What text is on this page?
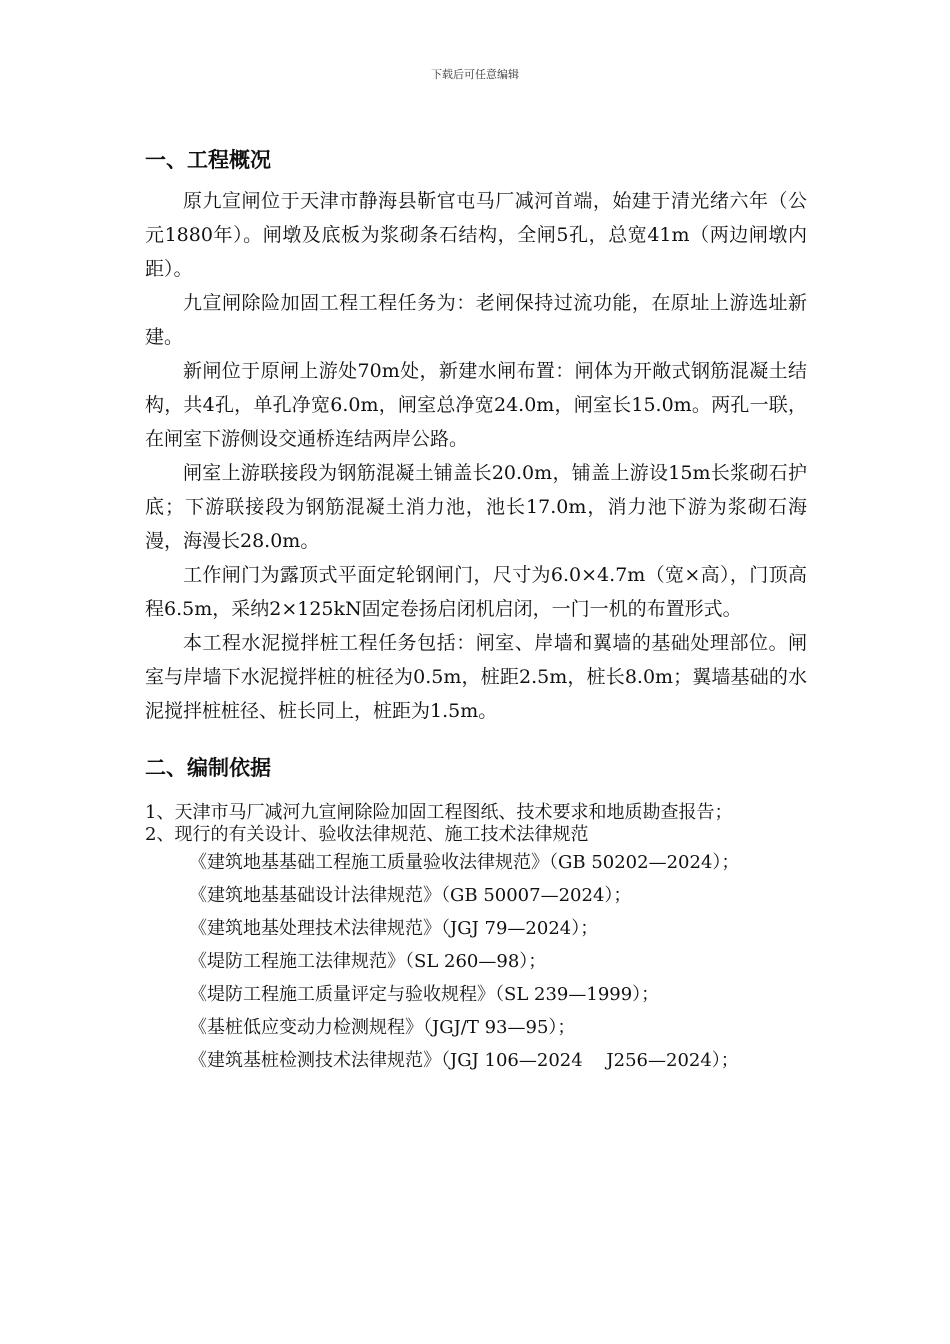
下载后可任意编辑
一、工程概况

原九宣闸位于天津市静海县靳官屯马厂减河首端，始建于清光绪六年（公元1880年）。闸墩及底板为浆砌条石结构，全闸5孔，总宽41m（两边闸墩内距）。

九宣闸除险加固工程工程任务为：老闸保持过流功能，在原址上游选址新建。

新闸位于原闸上游处70m处，新建水闸布置：闸体为开敞式钢筋混凝土结构，共4孔，单孔净宽6.0m，闸室总净宽24.0m，闸室长15.0m。两孔一联，在闸室下游侧设交通桥连结两岸公路。

闸室上游联接段为钢筋混凝土铺盖长20.0m，铺盖上游设15m长浆砌石护底；下游联接段为钢筋混凝土消力池，池长17.0m，消力池下游为浆砌石海漫，海漫长28.0m。

工作闸门为露顶式平面定轮钢闸门，尺寸为6.0×4.7m（宽×高），门顶高程6.5m，采纳2×125kN固定卷扬启闭机启闭，一门一机的布置形式。

本工程水泥搅拌桩工程任务包括：闸室、岸墙和翼墙的基础处理部位。闸室与岸墙下水泥搅拌桩的桩径为0.5m，桩距2.5m，桩长8.0m；翼墙基础的水泥搅拌桩桩径、桩长同上，桩距为1.5m。

二、编制依据

1、天津市马厂减河九宣闸除险加固工程图纸、技术要求和地质勘查报告；

2、现行的有关设计、验收法律规范、施工技术法律规范

《建筑地基基础工程施工质量验收法律规范》（GB 50202—2024）；

《建筑地基基础设计法律规范》（GB 50007—2024）；

《建筑地基处理技术法律规范》（JGJ 79—2024）；

《堤防工程施工法律规范》（SL 260—98）；

《堤防工程施工质量评定与验收规程》（SL 239—1999）；

《基桩低应变动力检测规程》（JGJ/T 93—95）；

《建筑基桩检测技术法律规范》（JGJ 106—2024　 J256—2024）；
